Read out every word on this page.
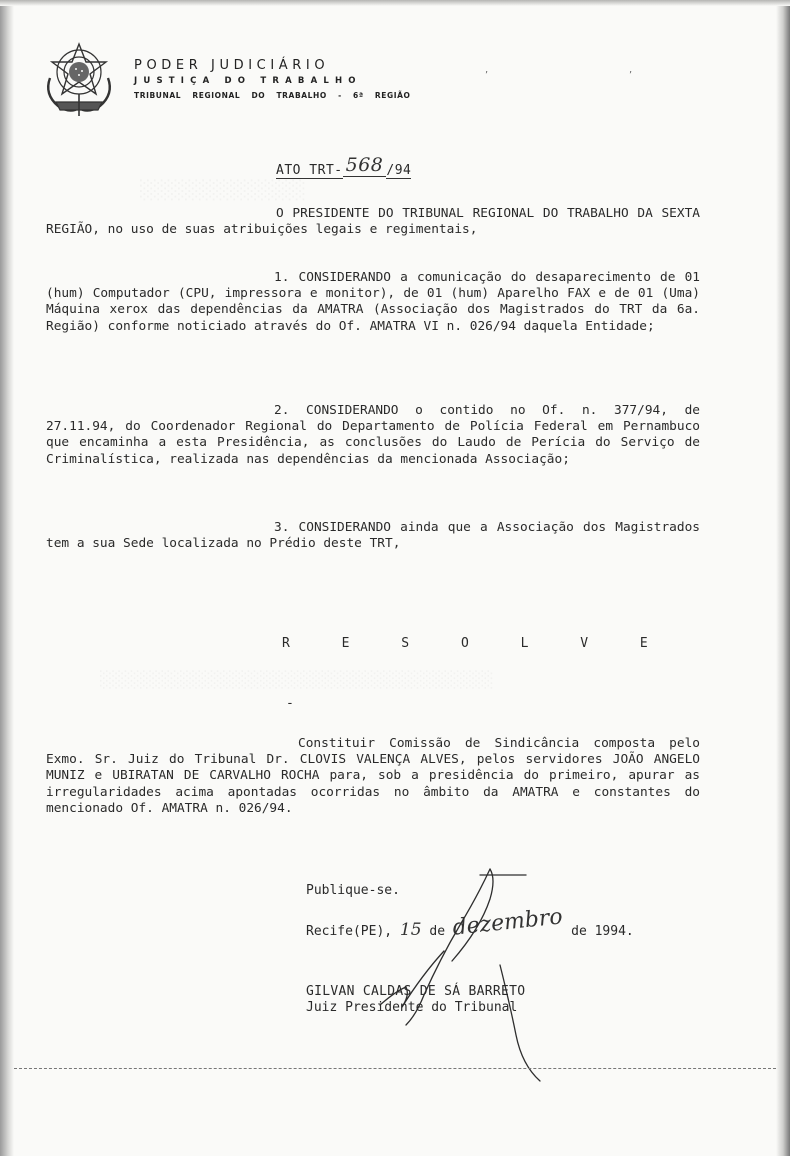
PODER JUDICIÁRIO
JUSTIÇA DO TRABALHO
TRIBUNAL REGIONAL DO TRABALHO - 6ª REGIÃO
’	’
ATO TRT- 568 /94
O PRESIDENTE DO TRIBUNAL REGIONAL DO TRABALHO DA SEXTA REGIÃO, no uso de suas atribuições legais e regimentais,
1. CONSIDERANDO a comunicação do desaparecimento de 01 (hum) Computador (CPU, impressora e monitor), de 01 (hum) Aparelho FAX e de 01 (Uma) Máquina xerox das dependências da AMATRA (Associação dos Magistrados do TRT da 6a. Região) conforme noticiado através do Of. AMATRA VI n. 026/94 daquela Entidade;
2. CONSIDERANDO o contido no Of. n. 377/94, de 27.11.94, do Coordenador Regional do Departamento de Polícia Federal em Pernambuco que encaminha a esta Presidência, as conclusões do Laudo de Perícia do Serviço de Criminalística, realizada nas dependências da mencionada Associação;
3. CONSIDERANDO ainda que a Associação dos Magistrados tem a sua Sede localizada no Prédio deste TRT,
R E S O L V E
-
Constituir Comissão de Sindicância composta pelo Exmo. Sr. Juiz do Tribunal Dr. CLOVIS VALENÇA ALVES, pelos servidores JOÃO ANGELO MUNIZ e UBIRATAN DE CARVALHO ROCHA para, sob a presidência do primeiro, apurar as irregularidades acima apontadas ocorridas no âmbito da AMATRA e constantes do mencionado Of. AMATRA n. 026/94.
Publique-se.
Recife(PE), 15 de dezembro de 1994.
GILVAN CALDAS DE SÁ BARRETO
Juiz Presidente do Tribunal
